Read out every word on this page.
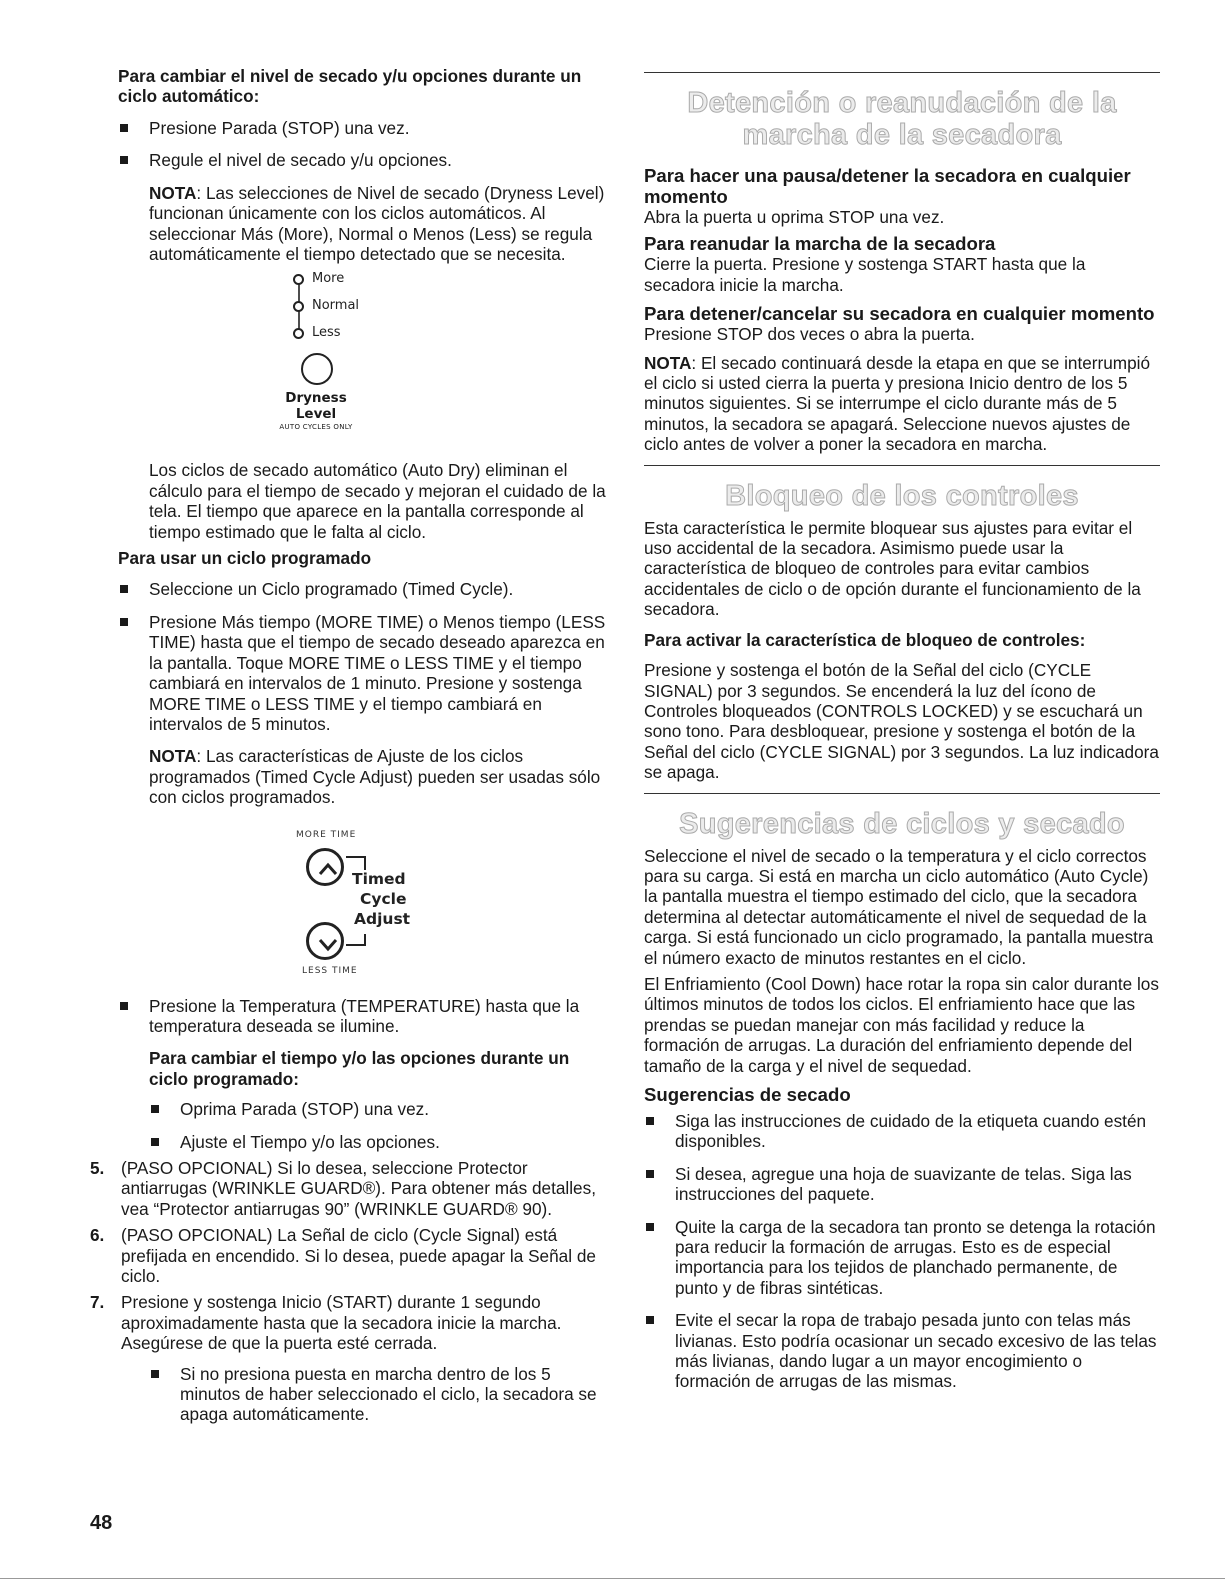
Para cambiar el nivel de secado y/u opciones durante un ciclo automático:
Presione Parada (STOP) una vez.
Regule el nivel de secado y/u opciones.
NOTA: Las selecciones de Nivel de secado (Dryness Level) funcionan únicamente con los ciclos automáticos. Al seleccionar Más (More), Normal o Menos (Less) se regula automáticamente el tiempo detectado que se necesita.
More
Normal
Less
Dryness
Level
AUTO CYCLES ONLY
Los ciclos de secado automático (Auto Dry) eliminan el cálculo para el tiempo de secado y mejoran el cuidado de la tela. El tiempo que aparece en la pantalla corresponde al tiempo estimado que le falta al ciclo.
Para usar un ciclo programado
Seleccione un Ciclo programado (Timed Cycle).
Presione Más tiempo (MORE TIME) o Menos tiempo (LESS TIME) hasta que el tiempo de secado deseado aparezca en la pantalla. Toque MORE TIME o LESS TIME y el tiempo cambiará en intervalos de 1 minuto. Presione y sostenga MORE TIME o LESS TIME y el tiempo cambiará en intervalos de 5 minutos.
NOTA: Las características de Ajuste de los ciclos programados (Timed Cycle Adjust) pueden ser usadas sólo con ciclos programados.
MORE TIME
Timed
Cycle
Adjust
LESS TIME
Presione la Temperatura (TEMPERATURE) hasta que la temperatura deseada se ilumine.
Para cambiar el tiempo y/o las opciones durante un ciclo programado:
Oprima Parada (STOP) una vez.
Ajuste el Tiempo y/o las opciones.
5. (PASO OPCIONAL) Si lo desea, seleccione Protector antiarrugas (WRINKLE GUARD®). Para obtener más detalles, vea “Protector antiarrugas 90” (WRINKLE GUARD® 90).
6. (PASO OPCIONAL) La Señal de ciclo (Cycle Signal) está prefijada en encendido. Si lo desea, puede apagar la Señal de ciclo.
7. Presione y sostenga Inicio (START) durante 1 segundo aproximadamente hasta que la secadora inicie la marcha. Asegúrese de que la puerta esté cerrada.
Si no presiona puesta en marcha dentro de los 5 minutos de haber seleccionado el ciclo, la secadora se apaga automáticamente.
Detención o reanudación de la marcha de la secadora
Para hacer una pausa/detener la secadora en cualquier momento
Abra la puerta u oprima STOP una vez.
Para reanudar la marcha de la secadora
Cierre la puerta. Presione y sostenga START hasta que la secadora inicie la marcha.
Para detener/cancelar su secadora en cualquier momento
Presione STOP dos veces o abra la puerta.
NOTA: El secado continuará desde la etapa en que se interrumpió el ciclo si usted cierra la puerta y presiona Inicio dentro de los 5 minutos siguientes. Si se interrumpe el ciclo durante más de 5 minutos, la secadora se apagará. Seleccione nuevos ajustes de ciclo antes de volver a poner la secadora en marcha.
Bloqueo de los controles
Esta característica le permite bloquear sus ajustes para evitar el uso accidental de la secadora. Asimismo puede usar la característica de bloqueo de controles para evitar cambios accidentales de ciclo o de opción durante el funcionamiento de la secadora.
Para activar la característica de bloqueo de controles:
Presione y sostenga el botón de la Señal del ciclo (CYCLE SIGNAL) por 3 segundos. Se encenderá la luz del ícono de Controles bloqueados (CONTROLS LOCKED) y se escuchará un sono tono. Para desbloquear, presione y sostenga el botón de la Señal del ciclo (CYCLE SIGNAL) por 3 segundos. La luz indicadora se apaga.
Sugerencias de ciclos y secado
Seleccione el nivel de secado o la temperatura y el ciclo correctos para su carga. Si está en marcha un ciclo automático (Auto Cycle) la pantalla muestra el tiempo estimado del ciclo, que la secadora determina al detectar automáticamente el nivel de sequedad de la carga. Si está funcionado un ciclo programado, la pantalla muestra el número exacto de minutos restantes en el ciclo.
El Enfriamiento (Cool Down) hace rotar la ropa sin calor durante los últimos minutos de todos los ciclos. El enfriamiento hace que las prendas se puedan manejar con más facilidad y reduce la formación de arrugas. La duración del enfriamiento depende del tamaño de la carga y el nivel de sequedad.
Sugerencias de secado
Siga las instrucciones de cuidado de la etiqueta cuando estén disponibles.
Si desea, agregue una hoja de suavizante de telas. Siga las instrucciones del paquete.
Quite la carga de la secadora tan pronto se detenga la rotación para reducir la formación de arrugas. Esto es de especial importancia para los tejidos de planchado permanente, de punto y de fibras sintéticas.
Evite el secar la ropa de trabajo pesada junto con telas más livianas. Esto podría ocasionar un secado excesivo de las telas más livianas, dando lugar a un mayor encogimiento o formación de arrugas de las mismas.
48
